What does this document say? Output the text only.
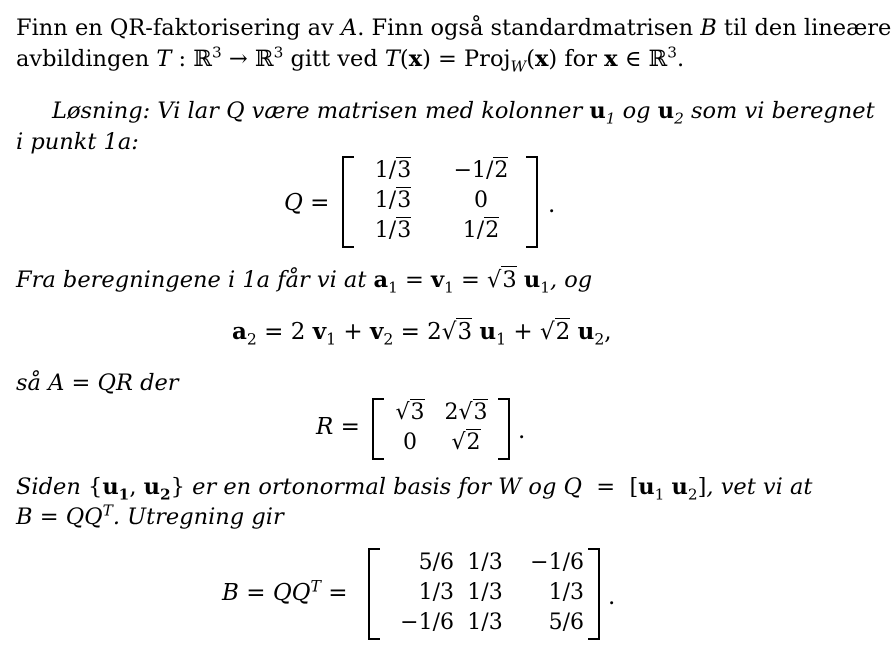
Finn en QR-faktorisering av A. Finn også standardmatrisen B til den lineære
avbildingen T : ℝ$^3$ → ℝ$^3$ gitt ved T(x) = Proj$_W$(x) for x ∈ ℝ$^3$.
Løsning: Vi lar Q være matrisen med kolonner $u_1$ og $u_2$ som vi beregnet
i punkt 1a:
Q =
1/3	−1/2
1/3	0
1/3	1/2
.
Fra beregningene i 1a får vi at $a_1 = v_1 = √3$ $u_1$, og
$a_2 = 2$ $v_1 + v_2 = 2√3$ $u_1 + √2$ $u_2$,
så A = QR der
R =
√3 2√3
0	√2	.
Siden {$u_1$, $u_2$} er en ortonormal basis for W og $Q = [u_1$ $u_2$], vet vi at
$B = QQ^T$. Utregning gir
$B = QQ^T$ =
5/6 1/3	−1/6
1/3 1/3	1/3
−1/6 1/3	5/6
.
